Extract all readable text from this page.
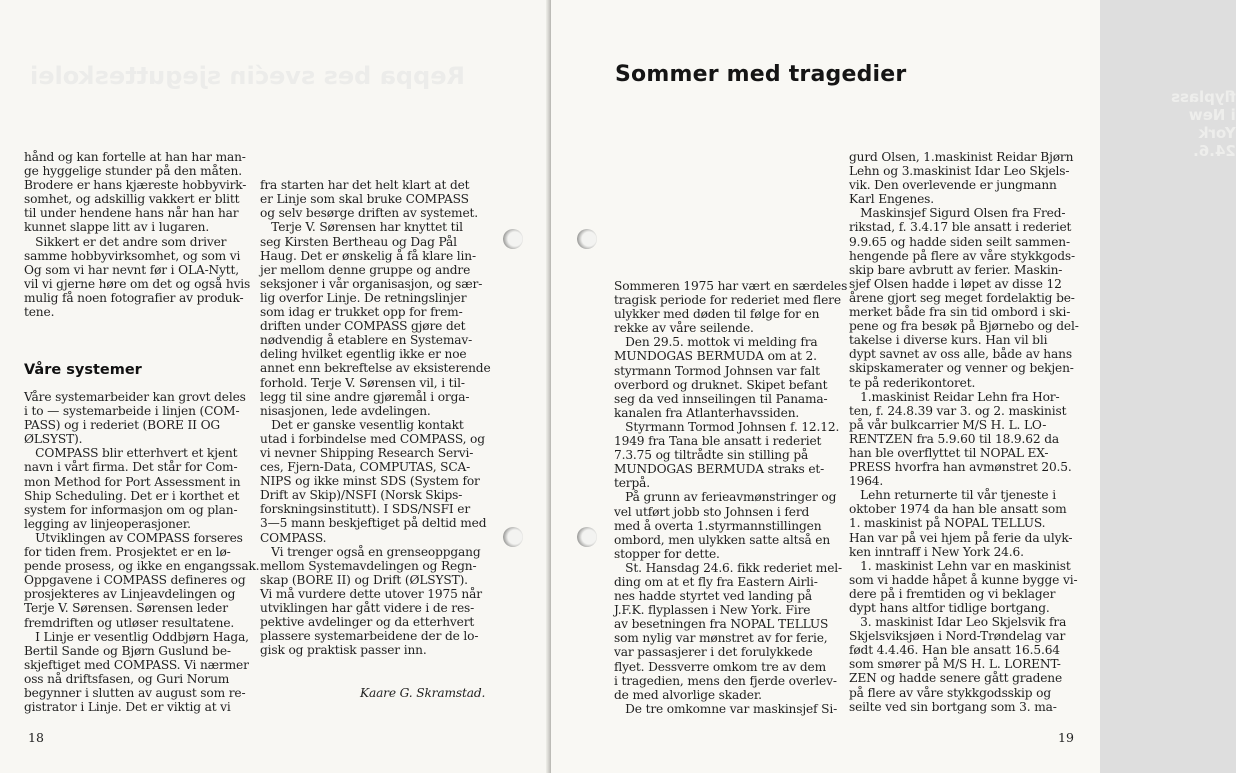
Reppa bes svećin sjegutteskolei
hånd og kan fortelle at han har man-
ge hyggelige stunder på den måten.
Brodere er hans kjæreste hobbyvirk-
somhet, og adskillig vakkert er blitt
til under hendene hans når han har
kunnet slappe litt av i lugaren.
Sikkert er det andre som driver
samme hobbyvirksomhet, og som vi
Og som vi har nevnt før i OLA-Nytt,
vil vi gjerne høre om det og også hvis
mulig få noen fotografier av produk-
tene.
Våre systemer
Våre systemarbeider kan grovt deles
i to — systemarbeide i linjen (COM-
PASS) og i rederiet (BORE II OG
ØLSYST).
COMPASS blir etterhvert et kjent
navn i vårt firma. Det står for Com-
mon Method for Port Assessment in
Ship Scheduling. Det er i korthet et
system for informasjon om og plan-
legging av linjeoperasjoner.
Utviklingen av COMPASS forseres
for tiden frem. Prosjektet er en lø-
pende prosess, og ikke en engangssak.
Oppgavene i COMPASS defineres og
prosjekteres av Linjeavdelingen og
Terje V. Sørensen. Sørensen leder
fremdriften og utløser resultatene.
I Linje er vesentlig Oddbjørn Haga,
Bertil Sande og Bjørn Guslund be-
skjeftiget med COMPASS. Vi nærmer
oss nå driftsfasen, og Guri Norum
begynner i slutten av august som re-
gistrator i Linje. Det er viktig at vi

fra starten har det helt klart at det
er Linje som skal bruke COMPASS
og selv besørge driften av systemet.
Terje V. Sørensen har knyttet til
seg Kirsten Bertheau og Dag Pål
Haug. Det er ønskelig å få klare lin-
jer mellom denne gruppe og andre
seksjoner i vår organisasjon, og sær-
lig overfor Linje. De retningslinjer
som idag er trukket opp for frem-
driften under COMPASS gjøre det
nødvendig å etablere en Systemav-
deling hvilket egentlig ikke er noe
annet enn bekreftelse av eksisterende
forhold. Terje V. Sørensen vil, i til-
legg til sine andre gjøremål i orga-
nisasjonen, lede avdelingen.
Det er ganske vesentlig kontakt
utad i forbindelse med COMPASS, og
vi nevner Shipping Research Servi-
ces, Fjern-Data, COMPUTAS, SCA-
NIPS og ikke minst SDS (System for
Drift av Skip)/NSFI (Norsk Skips-
forskningsinstitutt). I SDS/NSFI er
3—5 mann beskjeftiget på deltid med
COMPASS.
Vi trenger også en grenseoppgang
mellom Systemavdelingen og Regn-
skap (BORE II) og Drift (ØLSYST).
Vi må vurdere dette utover 1975 når
utviklingen har gått videre i de res-
pektive avdelinger og da etterhvert
plassere systemarbeidene der de lo-
gisk og praktisk passer inn.

Kaare G. Skramstad.

18
flyplass i New York 24.6.
Sommer med tragedier
Sommeren 1975 har vært en særdeles
tragisk periode for rederiet med flere
ulykker med døden til følge for en
rekke av våre seilende.
Den 29.5. mottok vi melding fra
MUNDOGAS BERMUDA om at 2.
styrmann Tormod Johnsen var falt
overbord og druknet. Skipet befant
seg da ved innseilingen til Panama-
kanalen fra Atlanterhavssiden.
Styrmann Tormod Johnsen f. 12.12.
1949 fra Tana ble ansatt i rederiet
7.3.75 og tiltrådte sin stilling på
MUNDOGAS BERMUDA straks et-
terpå.
På grunn av ferieavmønstringer og
vel utført jobb sto Johnsen i ferd
med å overta 1.styrmannstillingen
ombord, men ulykken satte altså en
stopper for dette.
St. Hansdag 24.6. fikk rederiet mel-
ding om at et fly fra Eastern Airli-
nes hadde styrtet ved landing på
J.F.K. flyplassen i New York. Fire
av besetningen fra NOPAL TELLUS
som nylig var mønstret av for ferie,
var passasjerer i det forulykkede
flyet. Dessverre omkom tre av dem
i tragedien, mens den fjerde overlev-
de med alvorlige skader.
De tre omkomne var maskinsjef Si-
gurd Olsen, 1.maskinist Reidar Bjørn
Lehn og 3.maskinist Idar Leo Skjels-
vik. Den overlevende er jungmann
Karl Engenes.
Maskinsjef Sigurd Olsen fra Fred-
rikstad, f. 3.4.17 ble ansatt i rederiet
9.9.65 og hadde siden seilt sammen-
hengende på flere av våre stykkgods-
skip bare avbrutt av ferier. Maskin-
sjef Olsen hadde i løpet av disse 12
årene gjort seg meget fordelaktig be-
merket både fra sin tid ombord i ski-
pene og fra besøk på Bjørnebo og del-
takelse i diverse kurs. Han vil bli
dypt savnet av oss alle, både av hans
skipskamerater og venner og bekjen-
te på rederikontoret.
1.maskinist Reidar Lehn fra Hor-
ten, f. 24.8.39 var 3. og 2. maskinist
på vår bulkcarrier M/S H. L. LO-
RENTZEN fra 5.9.60 til 18.9.62 da
han ble overflyttet til NOPAL EX-
PRESS hvorfra han avmønstret 20.5.
1964.
Lehn returnerte til vår tjeneste i
oktober 1974 da han ble ansatt som
1. maskinist på NOPAL TELLUS.
Han var på vei hjem på ferie da ulyk-
ken inntraff i New York 24.6.
1. maskinist Lehn var en maskinist
som vi hadde håpet å kunne bygge vi-
dere på i fremtiden og vi beklager
dypt hans altfor tidlige bortgang.
3. maskinist Idar Leo Skjelsvik fra
Skjelsviksjøen i Nord-Trøndelag var
født 4.4.46. Han ble ansatt 16.5.64
som smører på M/S H. L. LORENT-
ZEN og hadde senere gått gradene
på flere av våre stykkgodsskip og
seilte ved sin bortgang som 3. ma-
19
